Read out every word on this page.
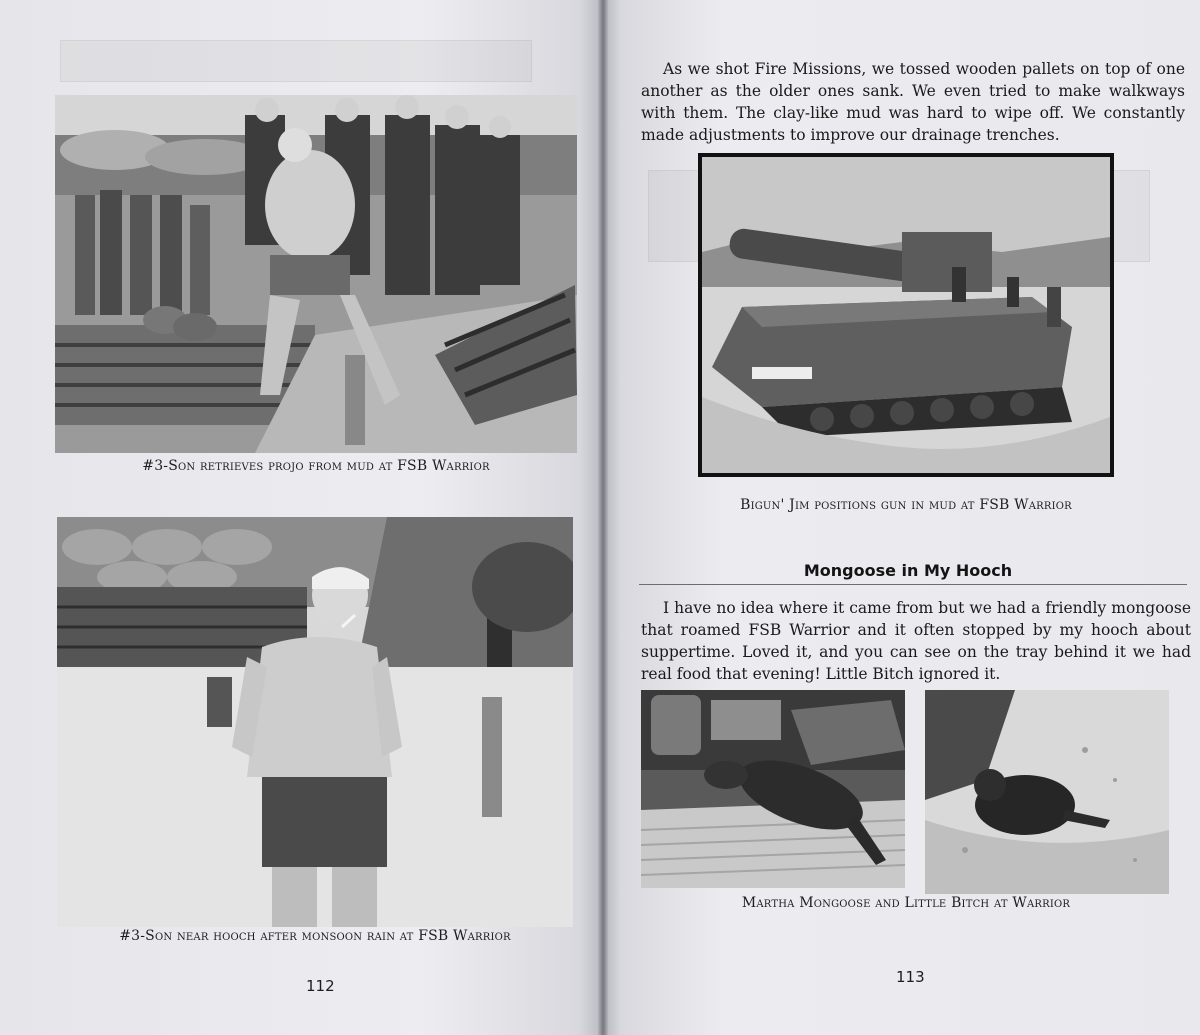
#3-Son retrieves projo from mud at FSB Warrior
#3-Son near hooch after monsoon rain at FSB Warrior
112
As we shot Fire Missions, we tossed wooden pallets on top of one another as the older ones sank. We even tried to make walkways with them. The clay-like mud was hard to wipe off. We constantly made adjustments to improve our drainage trenches.
Bigun' Jim positions gun in mud at FSB Warrior
Mongoose in My Hooch
I have no idea where it came from but we had a friendly mongoose that roamed FSB Warrior and it often stopped by my hooch about suppertime. Loved it, and you can see on the tray behind it we had real food that evening! Little Bitch ignored it.
Martha Mongoose and Little Bitch at Warrior
113
